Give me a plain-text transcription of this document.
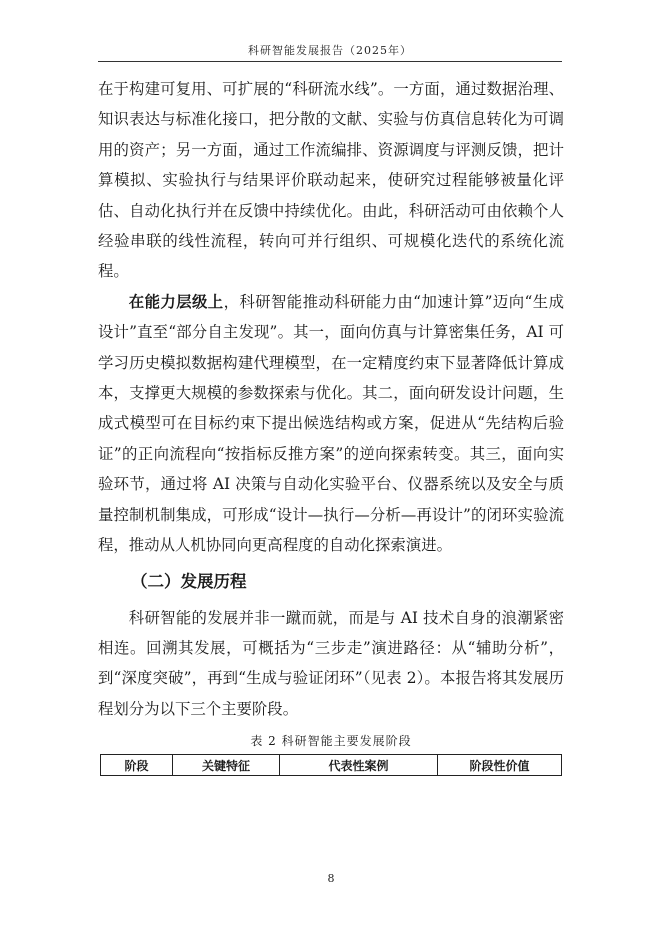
科研智能发展报告（2025年）

在于构建可复用、可扩展的“科研流水线”。一方面，通过数据治理、知识表达与标准化接口，把分散的文献、实验与仿真信息转化为可调用的资产；另一方面，通过工作流编排、资源调度与评测反馈，把计算模拟、实验执行与结果评价联动起来，使研究过程能够被量化评估、自动化执行并在反馈中持续优化。由此，科研活动可由依赖个人经验串联的线性流程，转向可并行组织、可规模化迭代的系统化流程。

在能力层级上，科研智能推动科研能力由“加速计算”迈向“生成设计”直至“部分自主发现”。其一，面向仿真与计算密集任务，AI 可学习历史模拟数据构建代理模型，在一定精度约束下显著降低计算成本，支撑更大规模的参数探索与优化。其二，面向研发设计问题，生成式模型可在目标约束下提出候选结构或方案，促进从“先结构后验证”的正向流程向“按指标反推方案”的逆向探索转变。其三，面向实验环节，通过将 AI 决策与自动化实验平台、仪器系统以及安全与质量控制机制集成，可形成“设计—执行—分析—再设计”的闭环实验流程，推动从人机协同向更高程度的自动化探索演进。

（二）发展历程

科研智能的发展并非一蹴而就，而是与 AI 技术自身的浪潮紧密相连。回溯其发展，可概括为“三步走”演进路径：从“辅助分析”，到“深度突破”，再到“生成与验证闭环”（见表 2）。本报告将其发展历程划分为以下三个主要阶段。

表 2 科研智能主要发展阶段
阶段	关键特征	代表性案例	阶段性价值
8
